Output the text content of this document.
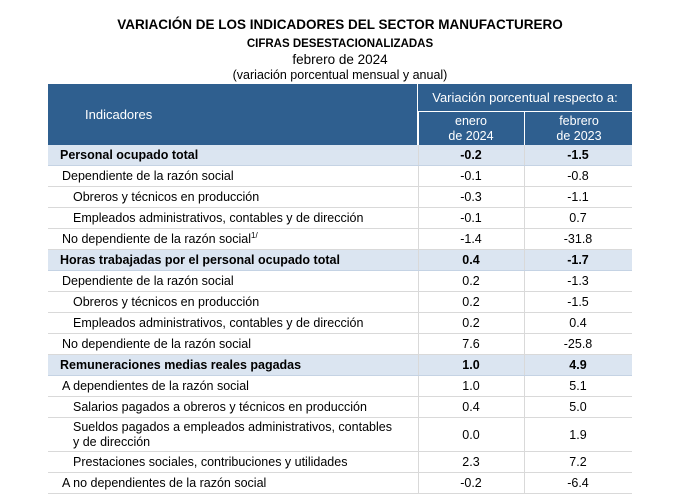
VARIACIÓN DE LOS INDICADORES DEL SECTOR MANUFACTURERO
CIFRAS DESESTACIONALIZADAS
febrero de 2024
(variación porcentual mensual y anual)
Indicadores
Variación porcentual respecto a:
enero
de 2024
febrero
de 2023
Personal ocupado total	-0.2	-1.5
Dependiente de la razón social	-0.1	-0.8
Obreros y técnicos en producción	-0.3	-1.1
Empleados administrativos, contables y de dirección	-0.1	0.7
No dependiente de la razón social$^{1/}$	-1.4	-31.8
Horas trabajadas por el personal ocupado total	0.4	-1.7
Dependiente de la razón social	0.2	-1.3
Obreros y técnicos en producción	0.2	-1.5
Empleados administrativos, contables y de dirección	0.2	0.4
No dependiente de la razón social	7.6	-25.8
Remuneraciones medias reales pagadas	1.0	4.9
A dependientes de la razón social	1.0	5.1
Salarios pagados a obreros y técnicos en producción	0.4	5.0
Sueldos pagados a empleados administrativos, contables y de dirección	0.0	1.9
Prestaciones sociales, contribuciones y utilidades	2.3	7.2
A no dependientes de la razón social	-0.2	-6.4
